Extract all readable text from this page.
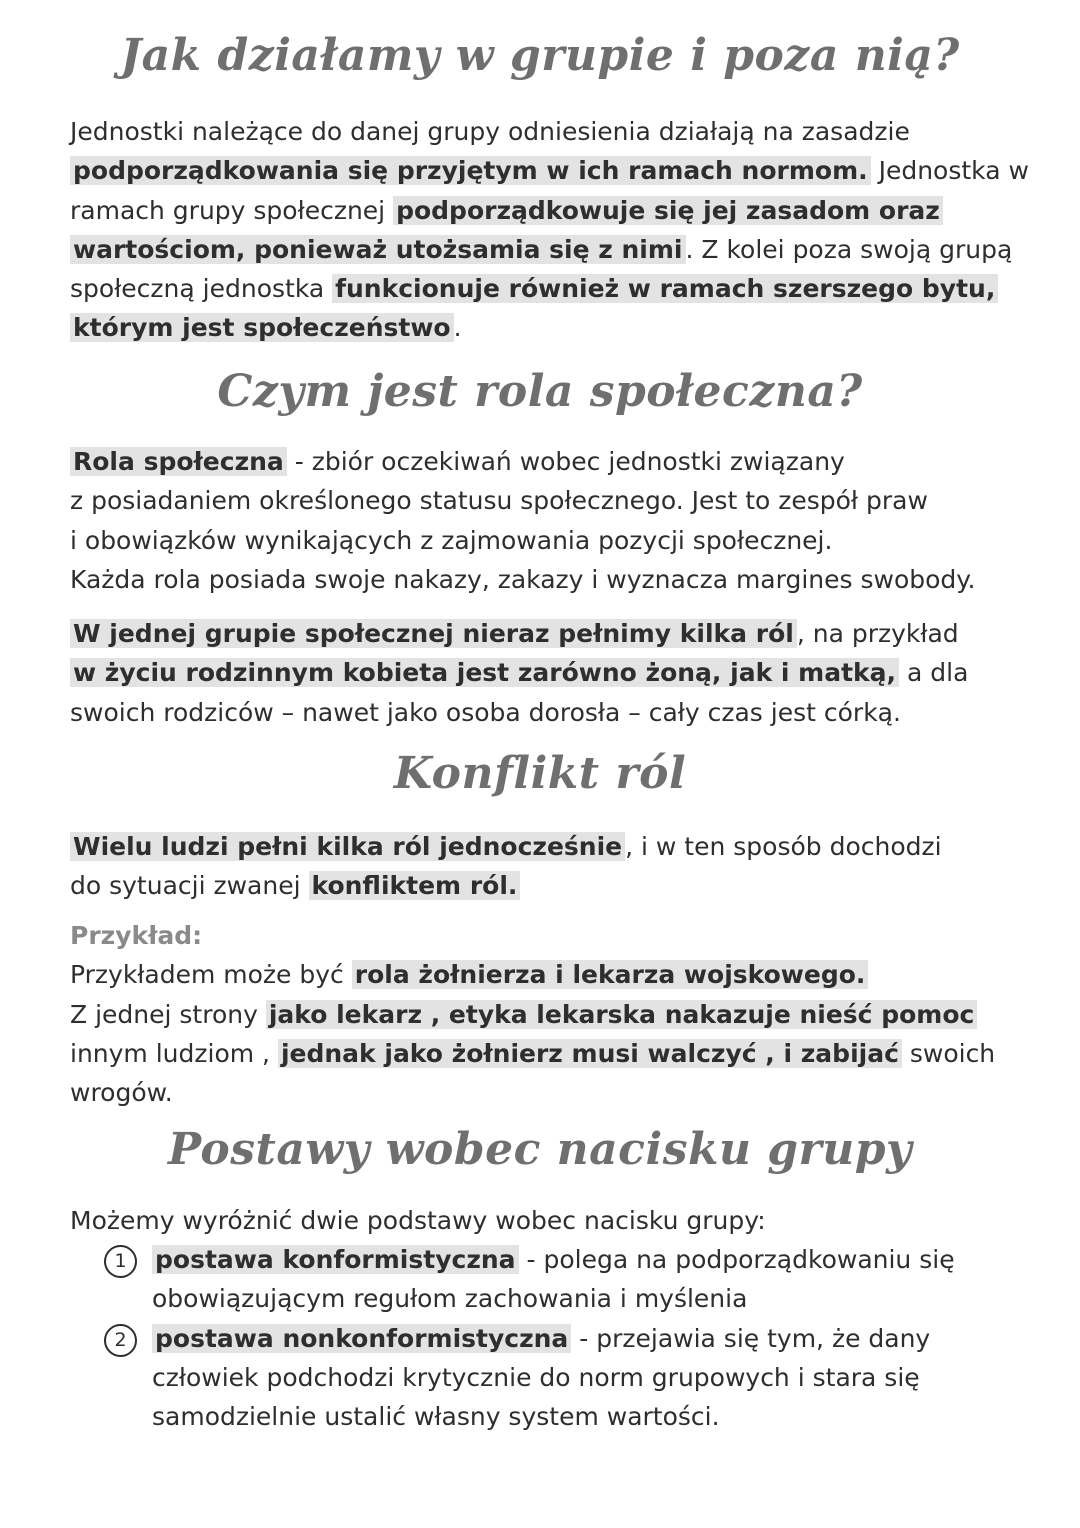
Jak działamy w grupie i poza nią?

Jednostki należące do danej grupy odniesienia działają na zasadzie
podporządkowania się przyjętym w ich ramach normom. Jednostka w ramach grupy społecznej podporządkowuje się jej zasadom oraz wartościom, ponieważ utożsamia się z nimi . Z kolei poza swoją grupą społeczną jednostka funkcionuje również w ramach szerszego bytu, którym jest społeczeństwo .

Czym jest rola społeczna?

Rola społeczna - zbiór oczekiwań wobec jednostki związany
z posiadaniem określonego statusu społecznego. Jest to zespół praw
i obowiązków wynikających z zajmowania pozycji społecznej.
Każda rola posiada swoje nakazy, zakazy i wyznacza margines swobody.

W jednej grupie społecznej nieraz pełnimy kilka ról , na przykład
w życiu rodzinnym kobieta jest zarówno żoną, jak i matką, a dla
swoich rodziców – nawet jako osoba dorosła – cały czas jest córką.

Konflikt ról

Wielu ludzi pełni kilka ról jednocześnie , i w ten sposób dochodzi
do sytuacji zwanej konfliktem ról.

Przykład:
Przykładem może być rola żołnierza i lekarza wojskowego.
Z jednej strony jako lekarz , etyka lekarska nakazuje nieść pomoc
innym ludziom , jednak jako żołnierz musi walczyć , i zabijać swoich wrogów.

Postawy wobec nacisku grupy

Możemy wyróżnić dwie podstawy wobec nacisku grupy:

1	postawa konformistyczna - polega na podporządkowaniu się obowiązującym regułom zachowania i myślenia
2	postawa nonkonformistyczna - przejawia się tym, że dany człowiek podchodzi krytycznie do norm grupowych i stara się samodzielnie ustalić własny system wartości.
